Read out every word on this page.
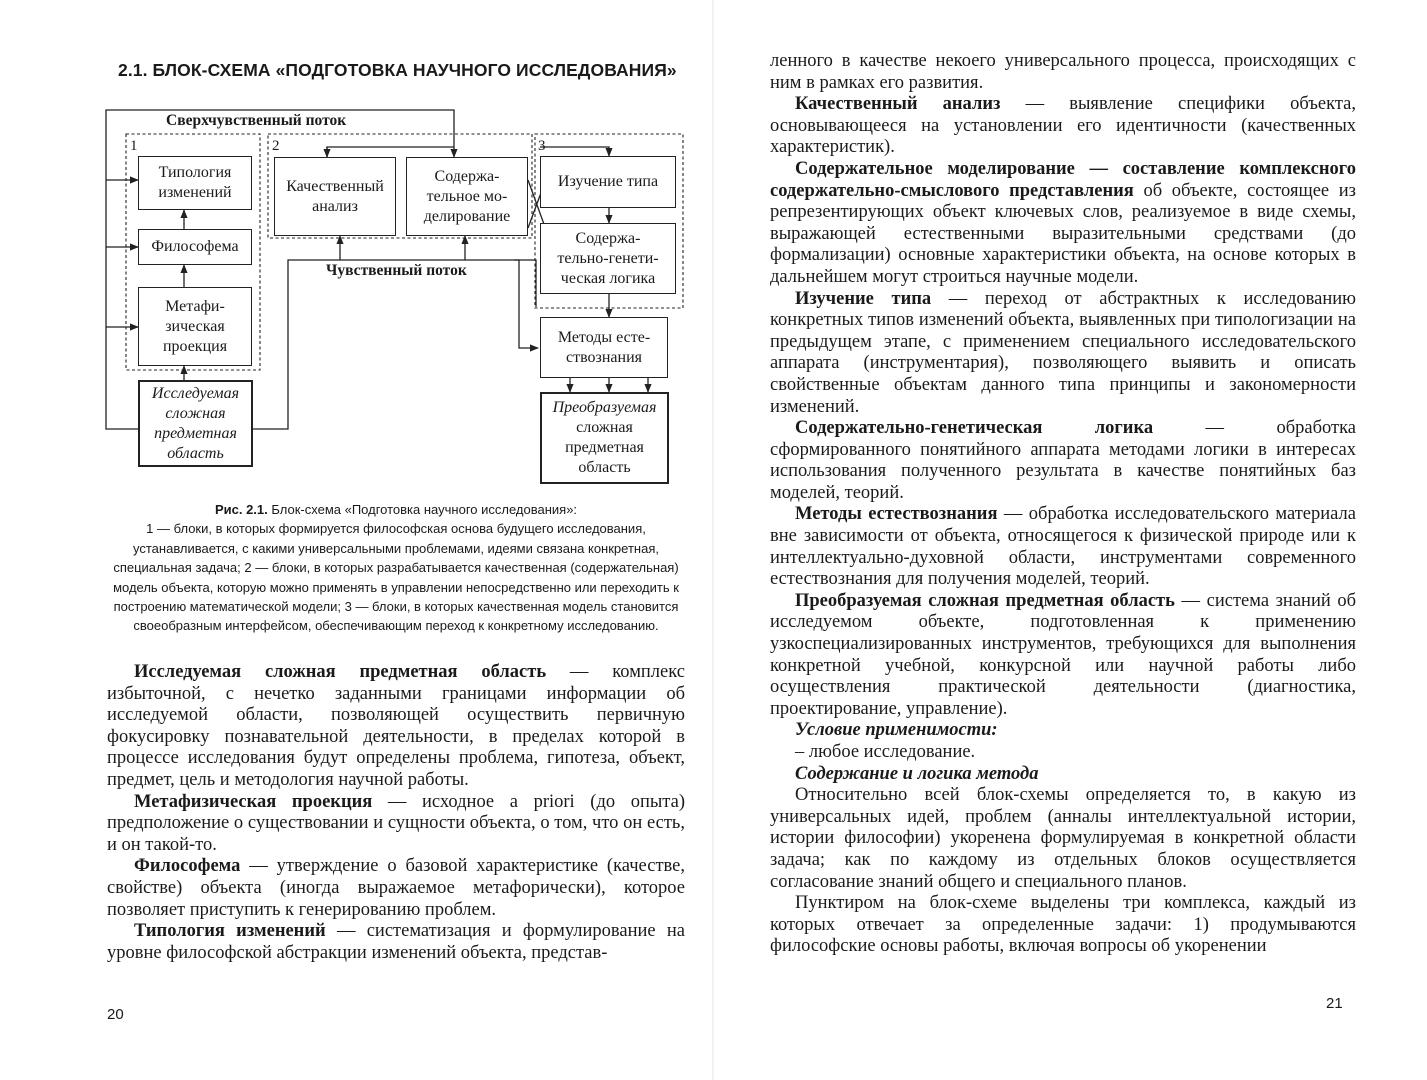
2.1. БЛОК-СХЕМА «ПОДГОТОВКА НАУЧНОГО ИССЛЕДОВАНИЯ»
Сверхчувственный поток
Чувственный поток
1	2	3
Типология
изменений
Философема
Метафи-
зическая
проекция
Исследуемая
сложная
предметная
область
Качественный
анализ
Содержа-
тельное мо-
делирование
Изучение типа
Содержа-
тельно-генети-
ческая логика
Методы есте-
ствознания
Преобразуемая
сложная
предметная
область
Рис. 2.1. Блок-схема «Подготовка научного исследования»:
1 — блоки, в которых формируется философская основа будущего исследования, устанавливается, с какими универсальными проблемами, идеями связана конкретная, специальная задача; 2 — блоки, в которых разрабатывается качественная (содержательная) модель объекта, которую можно применять в управлении непосредственно или переходить к построению математической модели; 3 — блоки, в которых качественная модель становится своеобразным интерфейсом, обеспечивающим переход к конкретному исследованию.

Исследуемая сложная предметная область — комплекс избыточной, с нечетко заданными границами информации об исследуемой области, позволяющей осуществить первичную фокусировку познавательной деятельности, в пределах которой в процессе исследования будут определены проблема, гипотеза, объект, предмет, цель и методология научной работы.

Метафизическая проекция — исходное a priori (до опыта) предположение о существовании и сущности объекта, о том, что он есть, и он такой-то.

Философема — утверждение о базовой характеристике (качестве, свойстве) объекта (иногда выражаемое метафорически), которое позволяет приступить к генерированию проблем.

Типология изменений — систематизация и формулирование на уровне философской абстракции изменений объекта, представ-

20

ленного в качестве некоего универсального процесса, происходящих с ним в рамках его развития.

Качественный анализ — выявление специфики объекта, основывающееся на установлении его идентичности (качественных характеристик).

Содержательное моделирование — составление комплексного содержательно-смыслового представления об объекте, состоящее из репрезентирующих объект ключевых слов, реализуемое в виде схемы, выражающей естественными выразительными средствами (до формализации) основные характеристики объекта, на основе которых в дальнейшем могут строиться научные модели.

Изучение типа — переход от абстрактных к исследованию конкретных типов изменений объекта, выявленных при типологизации на предыдущем этапе, с применением специального исследовательского аппарата (инструментария), позволяющего выявить и описать свойственные объектам данного типа принципы и закономерности изменений.

Содержательно-генетическая логика — обработка сформированного понятийного аппарата методами логики в интересах использования полученного результата в качестве понятийных баз моделей, теорий.

Методы естествознания — обработка исследовательского материала вне зависимости от объекта, относящегося к физической природе или к интеллектуально-духовной области, инструментами современного естествознания для получения моделей, теорий.

Преобразуемая сложная предметная область — система знаний об исследуемом объекте, подготовленная к применению узкоспециализированных инструментов, требующихся для выполнения конкретной учебной, конкурсной или научной работы либо осуществления практической деятельности (диагностика, проектирование, управление).

Условие применимости:

– любое исследование.

Содержание и логика метода

Относительно всей блок-схемы определяется то, в какую из универсальных идей, проблем (анналы интеллектуальной истории, истории философии) укоренена формулируемая в конкретной области задача; как по каждому из отдельных блоков осуществляется согласование знаний общего и специального планов.

Пунктиром на блок-схеме выделены три комплекса, каждый из которых отвечает за определенные задачи: 1) продумываются философские основы работы, включая вопросы об укоренении

21
